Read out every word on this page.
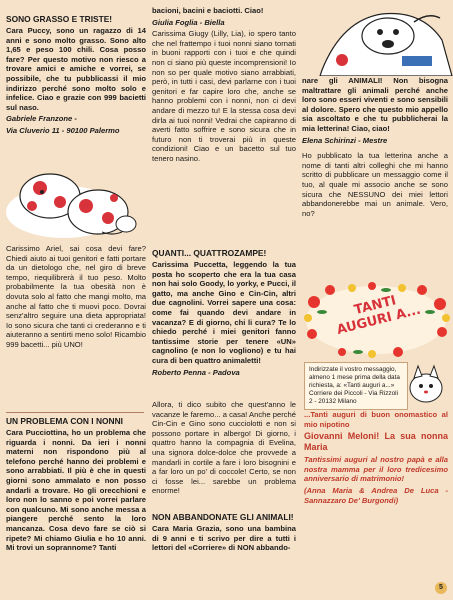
SONO GRASSO E TRISTE!

Cara Puccy, sono un ragazzo di 14 anni e sono molto grasso. Sono alto 1,65 e peso 100 chili. Cosa posso fare? Per questo motivo non riesco a trovare amici e amiche e vorrei, se possibile, che tu pubblicassi il mio indirizzo perché sono molto solo e infelice. Ciao e grazie con 999 bacietti sul naso.

Gabriele Franzone -

Via Cluverio 11 - 90100 Palermo

Carissimo Ariel, sai cosa devi fare? Chiedi aiuto ai tuoi genitori e fatti portare da un dietologo che, nel giro di breve tempo, riequilibrerà il tuo peso. Molto probabilmente la tua obesità non è dovuta solo al fatto che mangi molto, ma anche al fatto che ti muovi poco. Dovrai senz'altro seguire una dieta appropriata! Io sono sicura che tanti ci crederanno e ti aiuteranno a sentirti meno solo! Ricambio 999 bacetti... più UNO!

UN PROBLEMA CON I NONNI

Cara Pucciottina, ho un problema che riguarda i nonni. Da ieri i nonni materni non rispondono più al telefono perché hanno dei problemi e sono arrabbiati. Il più è che in questi giorni sono ammalato e non posso andarli a trovare. Ho gli orecchioni e loro non lo sanno e poi vorrei parlare con qualcuno. Mi sono anche messa a piangere perché sento la loro mancanza. Cosa devo fare se ciò si ripete? Mi chiamo Giulia e ho 10 anni. Mi trovi un soprannome? Tanti

bacioni, bacini e baciotti. Ciao!

Giulia Foglia - Biella

Carissima Giugy (Lilly, Lia), io spero tanto che nel frattempo i tuoi nonni siano tornati in buoni rapporti con i tuoi e che quindi non ci siano più queste incomprensioni! Io non so per quale motivo siano arrabbiati, però, in tutti i casi, devi parlarne con i tuoi genitori e far capire loro che, anche se hanno problemi con i nonni, non ci devi andare di mezzo tu! E la stessa cosa devi dirla ai tuoi nonni! Vedrai che capiranno di averti fatto soffrire e sono sicura che in futuro non ti troverai più in queste condizioni! Ciao e un bacetto sul tuo tenero nasino.

QUANTI... QUATTROZAMPE!

Carissima Puccetta, leggendo la tua posta ho scoperto che era la tua casa non hai solo Goody, lo yorky, e Pucci, il gatto, ma anche Gino e Cin-Cin, altri due cagnolini. Vorrei sapere una cosa: come fai quando devi andare in vacanza? E di giorno, chi li cura? Te lo chiedo perché i miei genitori fanno tantissime storie per tenere «UN» cagnolino (e non lo vogliono) e tu hai cura di ben quattro animaletti!

Roberto Penna - Padova

Allora, ti dico subito che quest'anno le vacanze le faremo... a casa! Anche perché Cin-Cin e Gino sono cucciolotti e non si possono portare in albergo! Di giorno, i quattro hanno la compagnia di Evelina, una signora dolce-dolce che provvede a mandarli in cortile a fare i loro bisognini e a far loro un po' di coccole! Certo, se non ci fosse lei... sarebbe un problema enorme!

NON ABBANDONATE GLI ANIMALI!

Cara Maria Grazia, sono una bambina di 9 anni e ti scrivo per dire a tutti i lettori del «Corriere» di NON abbando-

nare gli ANIMALI! Non bisogna maltrattare gli animali perché anche loro sono esseri viventi e sono sensibili al dolore. Spero che questo mio appello sia ascoltato e che tu pubblicherai la mia letterina! Ciao, ciao!

Elena Schirinzi - Mestre

Ho pubblicato la tua letterina anche a nome di tanti altri colleghi che mi hanno scritto di pubblicare un messaggio come il tuo, al quale mi associo anche se sono sicura che NESSUNO dei miei lettori abbandonerebbe mai un animale. Vero, no?

TANTI AUGURI A...
Indirizzate il vostro messaggio, almeno 1 mese prima della data richiesta, a: «Tanti auguri a...» Corriere dei Piccoli - Via Rizzoli 2 - 20132 Milano

...Tanti auguri di buon onomastico al mio nipotino

Giovanni Meloni! La sua nonna Maria

Tantissimi auguri al nostro papà e alla nostra mamma per il loro tredicesimo anniversario di matrimonio!

(Anna Maria & Andrea De Luca - Sannazzaro De' Burgondi)

5
